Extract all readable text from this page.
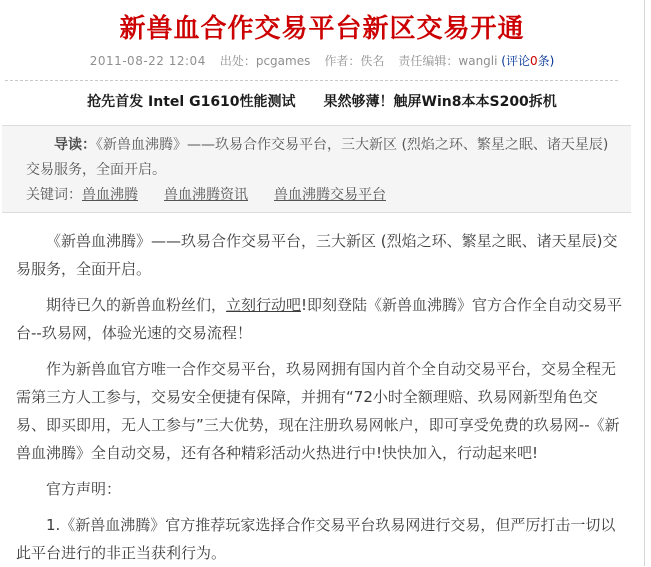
新兽血合作交易平台新区交易开通
2011-08-22 12:04 出处：pcgames 作者：佚名 责任编辑：wangli (评论0条)
抢先首发 Intel G1610性能测试 果然够薄！触屏Win8本本S200拆机

导读：《新兽血沸腾》——玖易合作交易平台，三大新区 (烈焰之环、繁星之眠、诸天星辰)交易服务，全面开启。

关键词：兽血沸腾 兽血沸腾资讯 兽血沸腾交易平台

《新兽血沸腾》——玖易合作交易平台，三大新区 (烈焰之环、繁星之眠、诸天星辰)交易服务，全面开启。

期待已久的新兽血粉丝们，立刻行动吧!即刻登陆《新兽血沸腾》官方合作全自动交易平台--玖易网，体验光速的交易流程！

作为新兽血官方唯一合作交易平台，玖易网拥有国内首个全自动交易平台，交易全程无需第三方人工参与，交易安全便捷有保障，并拥有“72小时全额理赔、玖易网新型角色交易、即买即用，无人工参与”三大优势，现在注册玖易网帐户，即可享受免费的玖易网--《新兽血沸腾》全自动交易，还有各种精彩活动火热进行中!快快加入，行动起来吧!

官方声明：

1.《新兽血沸腾》官方推荐玩家选择合作交易平台玖易网进行交易，但严厉打击一切以此平台进行的非正当获利行为。
